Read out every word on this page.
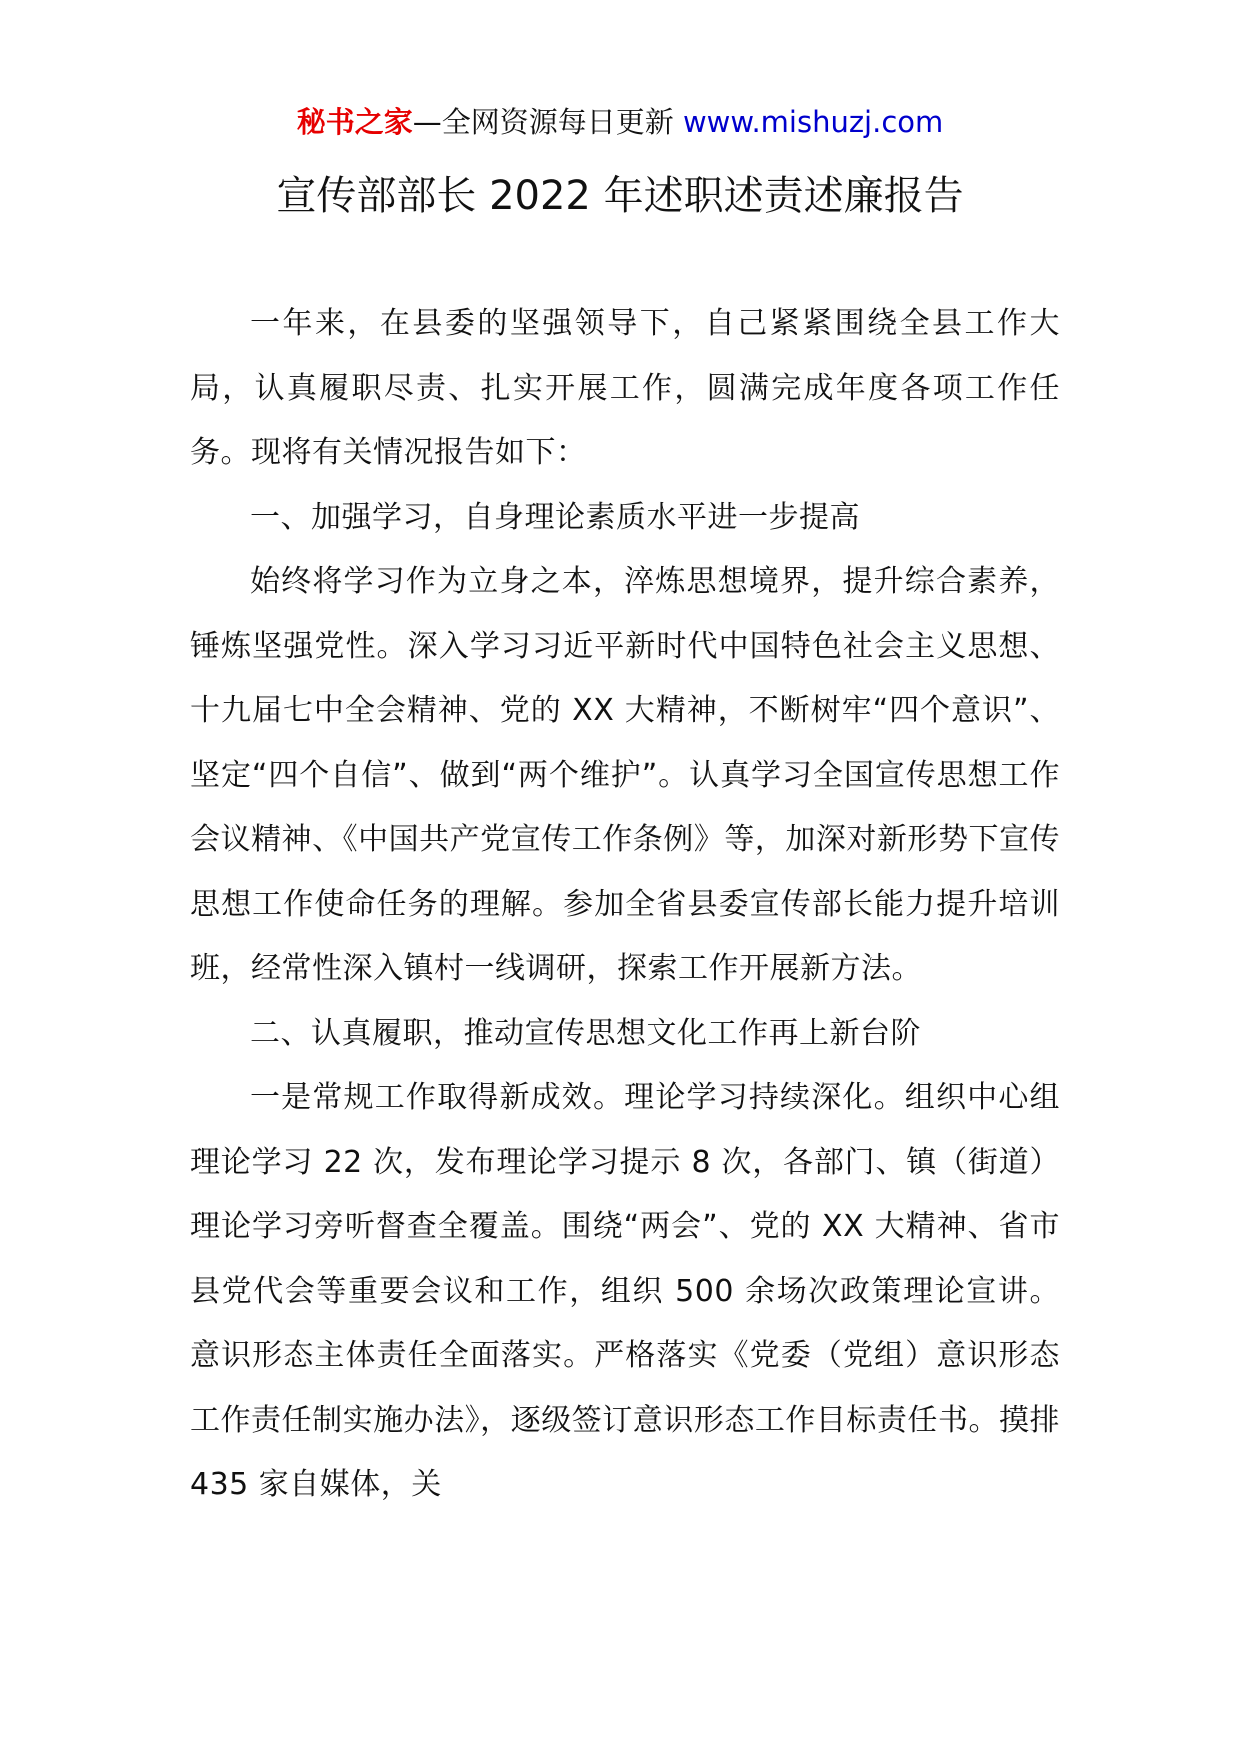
秘书之家—全网资源每日更新 www.mishuzj.com
宣传部部长 2022 年述职述责述廉报告

一年来，在县委的坚强领导下，自己紧紧围绕全县工作大局，认真履职尽责、扎实开展工作，圆满完成年度各项工作任务。现将有关情况报告如下：

一、加强学习，自身理论素质水平进一步提高

始终将学习作为立身之本，淬炼思想境界，提升综合素养，锤炼坚强党性。深入学习习近平新时代中国特色社会主义思想、十九届七中全会精神、党的 XX 大精神，不断树牢“四个意识”、坚定“四个自信”、做到“两个维护”。认真学习全国宣传思想工作会议精神、《中国共产党宣传工作条例》等，加深对新形势下宣传思想工作使命任务的理解。参加全省县委宣传部长能力提升培训班，经常性深入镇村一线调研，探索工作开展新方法。

二、认真履职，推动宣传思想文化工作再上新台阶

一是常规工作取得新成效。理论学习持续深化。组织中心组理论学习 22 次，发布理论学习提示 8 次，各部门、镇（街道）理论学习旁听督查全覆盖。围绕“两会”、党的 XX 大精神、省市县党代会等重要会议和工作，组织 500 余场次政策理论宣讲。意识形态主体责任全面落实。严格落实《党委（党组）意识形态工作责任制实施办法》，逐级签订意识形态工作目标责任书。摸排 435 家自媒体，关
